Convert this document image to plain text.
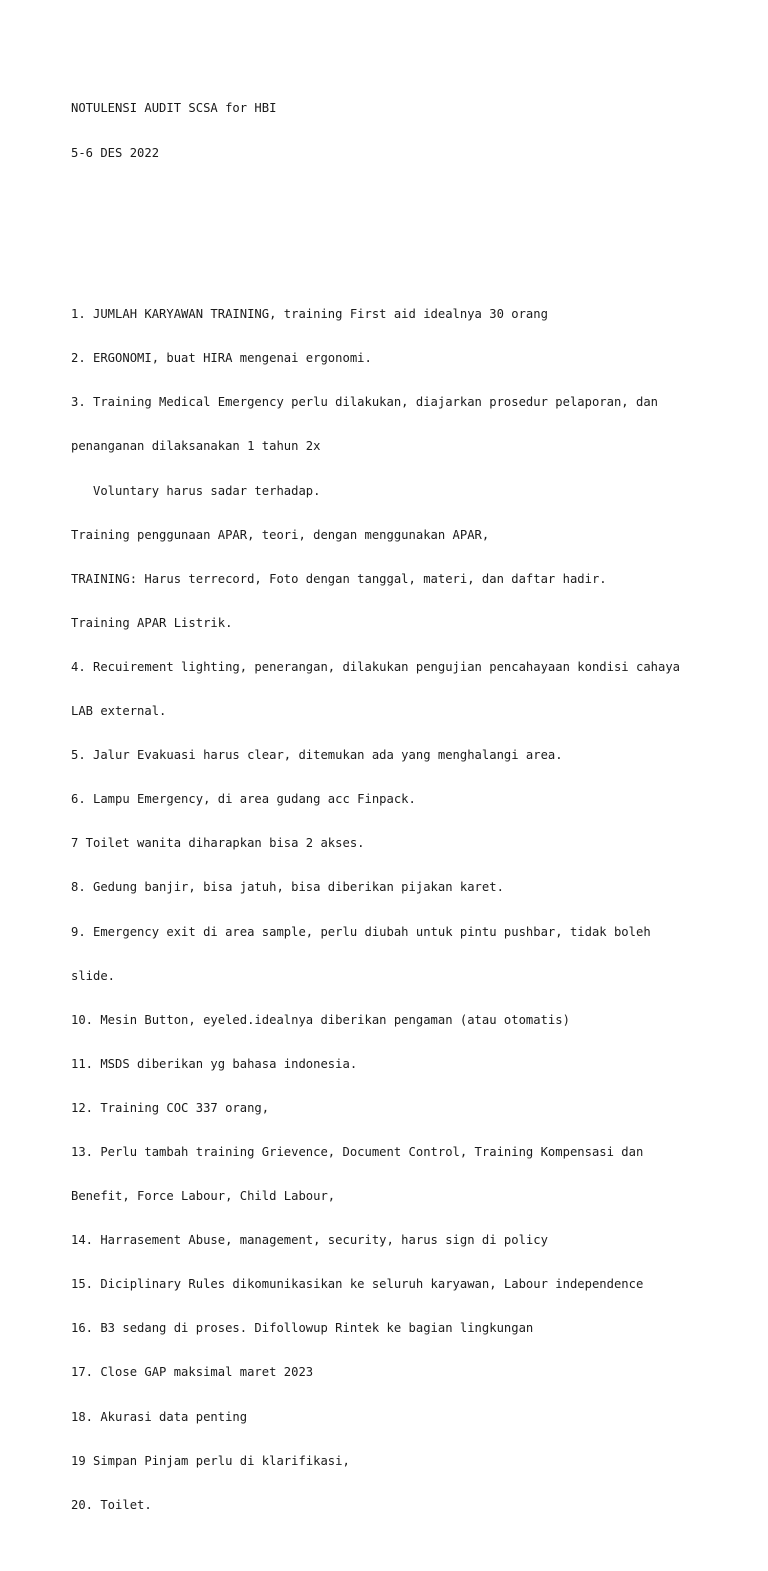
NOTULENSI AUDIT SCSA for HBI

5-6 DES 2022

1. JUMLAH KARYAWAN TRAINING, training First aid idealnya 30 orang

2. ERGONOMI, buat HIRA mengenai ergonomi.

3. Training Medical Emergency perlu dilakukan, diajarkan prosedur pelaporan, dan

penanganan dilaksanakan 1 tahun 2x

Voluntary harus sadar terhadap.

Training penggunaan APAR, teori, dengan menggunakan APAR,

TRAINING: Harus terrecord, Foto dengan tanggal, materi, dan daftar hadir.

Training APAR Listrik.

4. Recuirement lighting, penerangan, dilakukan pengujian pencahayaan kondisi cahaya

LAB external.

5. Jalur Evakuasi harus clear, ditemukan ada yang menghalangi area.

6. Lampu Emergency, di area gudang acc Finpack.

7 Toilet wanita diharapkan bisa 2 akses.

8. Gedung banjir, bisa jatuh, bisa diberikan pijakan karet.

9. Emergency exit di area sample, perlu diubah untuk pintu pushbar, tidak boleh

slide.

10. Mesin Button, eyeled.idealnya diberikan pengaman (atau otomatis)

11. MSDS diberikan yg bahasa indonesia.

12. Training COC 337 orang,

13. Perlu tambah training Grievence, Document Control, Training Kompensasi dan

Benefit, Force Labour, Child Labour,

14. Harrasement Abuse, management, security, harus sign di policy

15. Diciplinary Rules dikomunikasikan ke seluruh karyawan, Labour independence

16. B3 sedang di proses. Difollowup Rintek ke bagian lingkungan

17. Close GAP maksimal maret 2023

18. Akurasi data penting

19 Simpan Pinjam perlu di klarifikasi,

20. Toilet.
